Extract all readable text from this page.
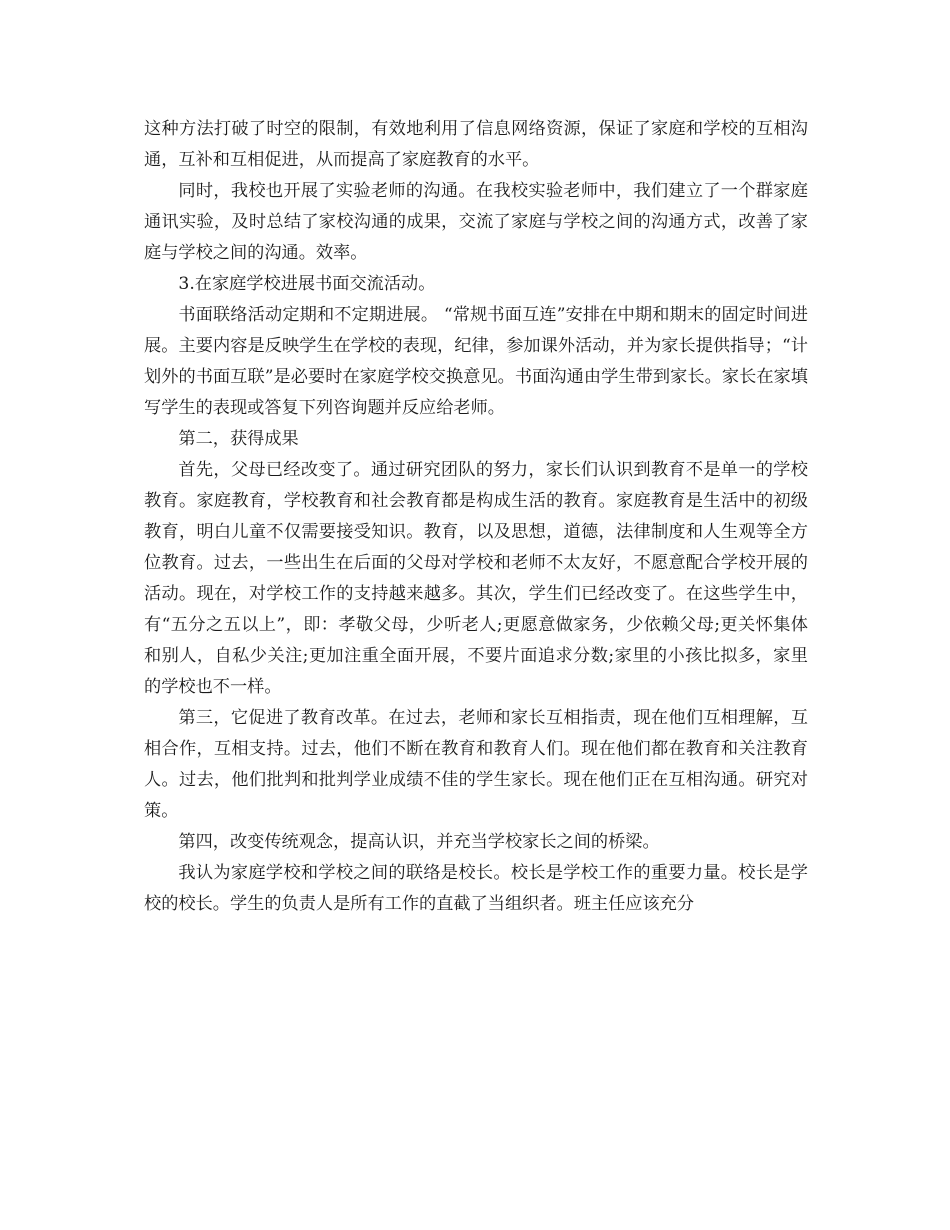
这种方法打破了时空的限制，有效地利用了信息网络资源，保证了家庭和学校的互相沟通，互补和互相促进，从而提高了家庭教育的水平。

同时，我校也开展了实验老师的沟通。在我校实验老师中，我们建立了一个群家庭通讯实验，及时总结了家校沟通的成果，交流了家庭与学校之间的沟通方式，改善了家庭与学校之间的沟通。效率。

3.在家庭学校进展书面交流活动。

书面联络活动定期和不定期进展。 “常规书面互连”安排在中期和期末的固定时间进展。主要内容是反映学生在学校的表现，纪律，参加课外活动，并为家长提供指导；“计划外的书面互联”是必要时在家庭学校交换意见。书面沟通由学生带到家长。家长在家填写学生的表现或答复下列咨询题并反应给老师。

第二，获得成果

首先，父母已经改变了。通过研究团队的努力，家长们认识到教育不是单一的学校教育。家庭教育，学校教育和社会教育都是构成生活的教育。家庭教育是生活中的初级教育，明白儿童不仅需要接受知识。教育，以及思想，道德，法律制度和人生观等全方位教育。过去，一些出生在后面的父母对学校和老师不太友好，不愿意配合学校开展的活动。现在，对学校工作的支持越来越多。其次，学生们已经改变了。在这些学生中，有“五分之五以上”，即：孝敬父母，少听老人;更愿意做家务，少依赖父母;更关怀集体和别人，自私少关注;更加注重全面开展，不要片面追求分数;家里的小孩比拟多，家里的学校也不一样。

第三，它促进了教育改革。在过去，老师和家长互相指责，现在他们互相理解，互相合作，互相支持。过去，他们不断在教育和教育人们。现在他们都在教育和关注教育人。过去，他们批判和批判学业成绩不佳的学生家长。现在他们正在互相沟通。研究对策。

第四，改变传统观念，提高认识，并充当学校家长之间的桥梁。

我认为家庭学校和学校之间的联络是校长。校长是学校工作的重要力量。校长是学校的校长。学生的负责人是所有工作的直截了当组织者。班主任应该充分
